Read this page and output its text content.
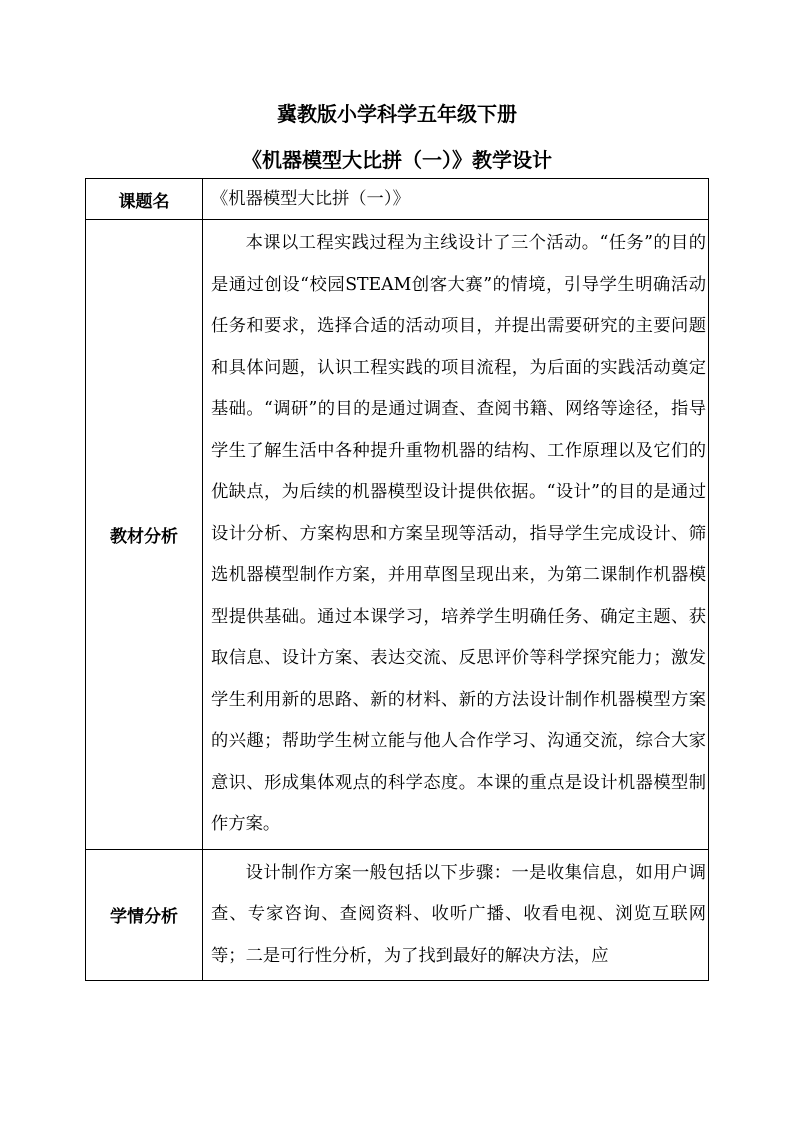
冀教版小学科学五年级下册
《机器模型大比拼（一）》教学设计
课题名	《机器模型大比拼（一）》
教材分析	本课以工程实践过程为主线设计了三个活动。“任务”的目的是通过创设“校园STEAM创客大赛”的情境，引导学生明确活动任务和要求，选择合适的活动项目，并提出需要研究的主要问题和具体问题，认识工程实践的项目流程，为后面的实践活动奠定基础。“调研”的目的是通过调查、查阅书籍、网络等途径，指导学生了解生活中各种提升重物机器的结构、工作原理以及它们的优缺点，为后续的机器模型设计提供依据。“设计”的目的是通过设计分析、方案构思和方案呈现等活动，指导学生完成设计、筛选机器模型制作方案，并用草图呈现出来，为第二课制作机器模型提供基础。通过本课学习，培养学生明确任务、确定主题、获取信息、设计方案、表达交流、反思评价等科学探究能力；激发学生利用新的思路、新的材料、新的方法设计制作机器模型方案的兴趣；帮助学生树立能与他人合作学习、沟通交流，综合大家意识、形成集体观点的科学态度。本课的重点是设计机器模型制作方案。
学情分析	设计制作方案一般包括以下步骤：一是收集信息，如用户调查、专家咨询、查阅资料、收听广播、收看电视、浏览互联网等；二是可行性分析，为了找到最好的解决方法，应
